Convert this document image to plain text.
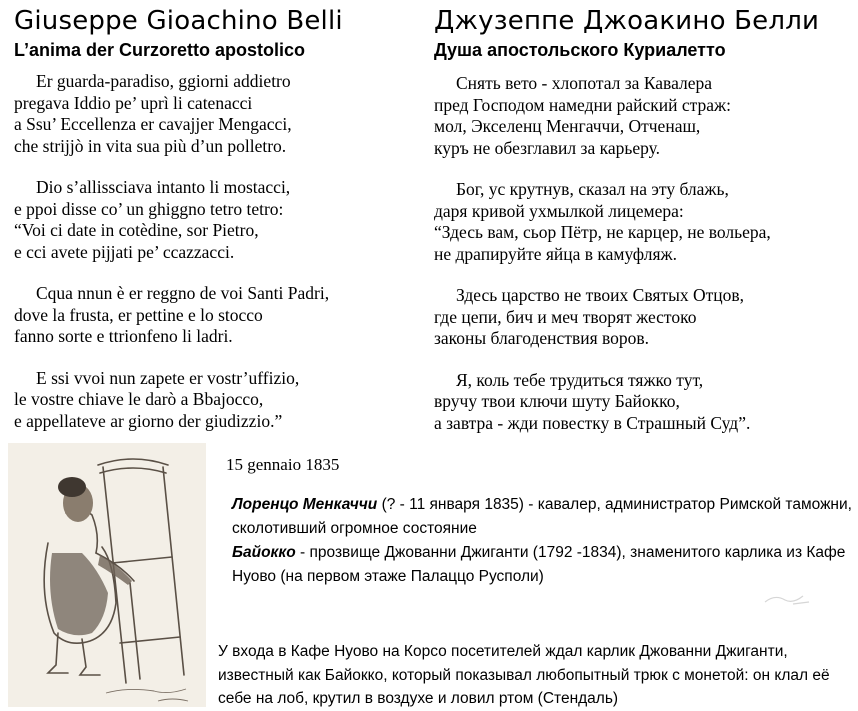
Giuseppe Gioachino Belli
L’anima der Curzoretto apostolico
Er guarda-paradiso, ggiorni addietro
pregava Iddio pe’ uprì li catenacci
a Ssu’ Eccellenza er cavajjer Mengacci,
che strijjò in vita sua più d’un polletro.
Dio s’allissciava intanto li mostacci,
e ppoi disse co’ un ghiggno tetro tetro:
“Voi ci date in cotèdine, sor Pietro,
e cci avete pijjati pe’ ccazzacci.
Cqua nnun è er reggno de voi Santi Padri,
dove la frusta, er pettine e lo stocco
fanno sorte e ttrionfeno li ladri.
E ssi vvoi nun zapete er vostr’uffizio,
le vostre chiave le darò a Bbajocco,
e appellateve ar giorno der giudizzio.”
Джузеппе Джоакино Белли
Душа апостольского Куриалетто
Снять вето - хлопотал за Кавалера
пред Господом намедни райский страж:
мол, Экселенц Менгаччи, Отченаш,
куръ не обезглавил за карьеру.
Бог, ус крутнув, сказал на эту блажь,
даря кривой ухмылкой лицемера:
“Здесь вам, сьор Пётр, не карцер, не вольера,
не драпируйте яйца в камуфляж.
Здесь царство не твоих Святых Отцов,
где цепи, бич и меч творят жестоко
законы благоденствия воров.
Я, коль тебе трудиться тяжко тут,
вручу твои ключи шуту Байокко,
а завтра - жди повестку в Страшный Суд”.
15 gennaio 1835
Лоренцо Менкаччи (? - 11 января 1835) - кавалер, администратор Римской таможни, сколотивший огромное состояние
Байокко - прозвище Джованни Джиганти (1792 -1834), знаменитого карлика из Кафе Нуово (на первом этаже Палаццо Русполи)
У входа в Кафе Нуово на Корсо посетителей ждал карлик Джованни Джиганти, известный как Байокко, который показывал любопытный трюк с монетой: он клал её себе на лоб, крутил в воздухе и ловил ртом (Стендаль)
